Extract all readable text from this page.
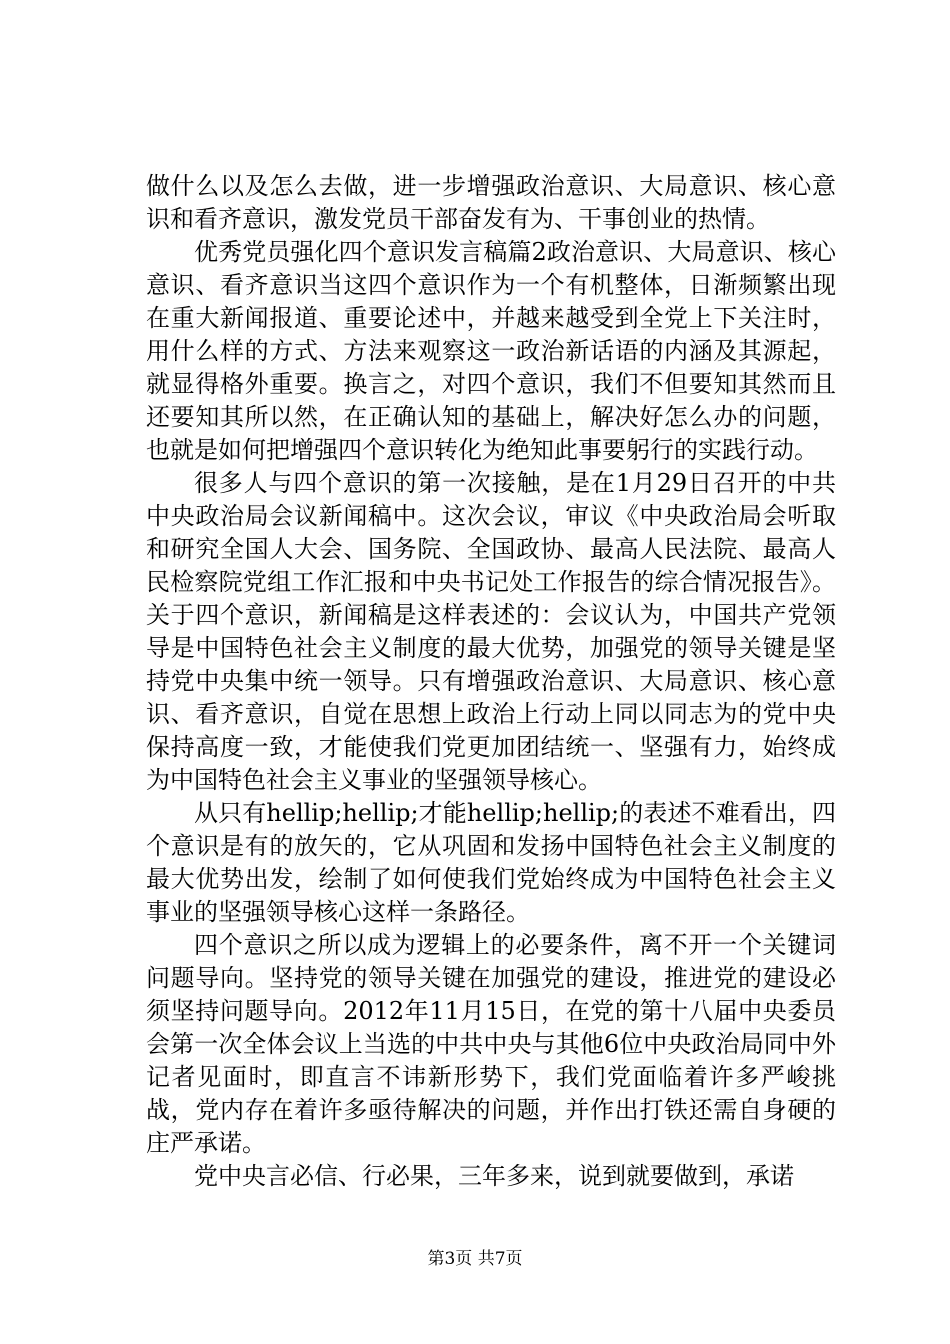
做什么以及怎么去做，进一步增强政治意识、大局意识、核心意识和看齐意识，激发党员干部奋发有为、干事创业的热情。

优秀党员强化四个意识发言稿篇2政治意识、大局意识、核心意识、看齐意识当这四个意识作为一个有机整体，日渐频繁出现在重大新闻报道、重要论述中，并越来越受到全党上下关注时，用什么样的方式、方法来观察这一政治新话语的内涵及其源起，就显得格外重要。换言之，对四个意识，我们不但要知其然而且还要知其所以然，在正确认知的基础上，解决好怎么办的问题，也就是如何把增强四个意识转化为绝知此事要躬行的实践行动。

很多人与四个意识的第一次接触，是在1月29日召开的中共中央政治局会议新闻稿中。这次会议，审议《中央政治局会听取和研究全国人大会、国务院、全国政协、最高人民法院、最高人民检察院党组工作汇报和中央书记处工作报告的综合情况报告》。关于四个意识，新闻稿是这样表述的：会议认为，中国共产党领导是中国特色社会主义制度的最大优势，加强党的领导关键是坚持党中央集中统一领导。只有增强政治意识、大局意识、核心意识、看齐意识，自觉在思想上政治上行动上同以同志为的党中央保持高度一致，才能使我们党更加团结统一、坚强有力，始终成为中国特色社会主义事业的坚强领导核心。

从只有hellip;hellip;才能hellip;hellip;的表述不难看出，四个意识是有的放矢的，它从巩固和发扬中国特色社会主义制度的最大优势出发，绘制了如何使我们党始终成为中国特色社会主义事业的坚强领导核心这样一条路径。

四个意识之所以成为逻辑上的必要条件，离不开一个关键词问题导向。坚持党的领导关键在加强党的建设，推进党的建设必须坚持问题导向。2012年11月15日，在党的第十八届中央委员会第一次全体会议上当选的中共中央与其他6位中央政治局同中外记者见面时，即直言不讳新形势下，我们党面临着许多严峻挑战，党内存在着许多亟待解决的问题，并作出打铁还需自身硬的庄严承诺。

党中央言必信、行必果，三年多来，说到就要做到，承诺

第3页 共7页
